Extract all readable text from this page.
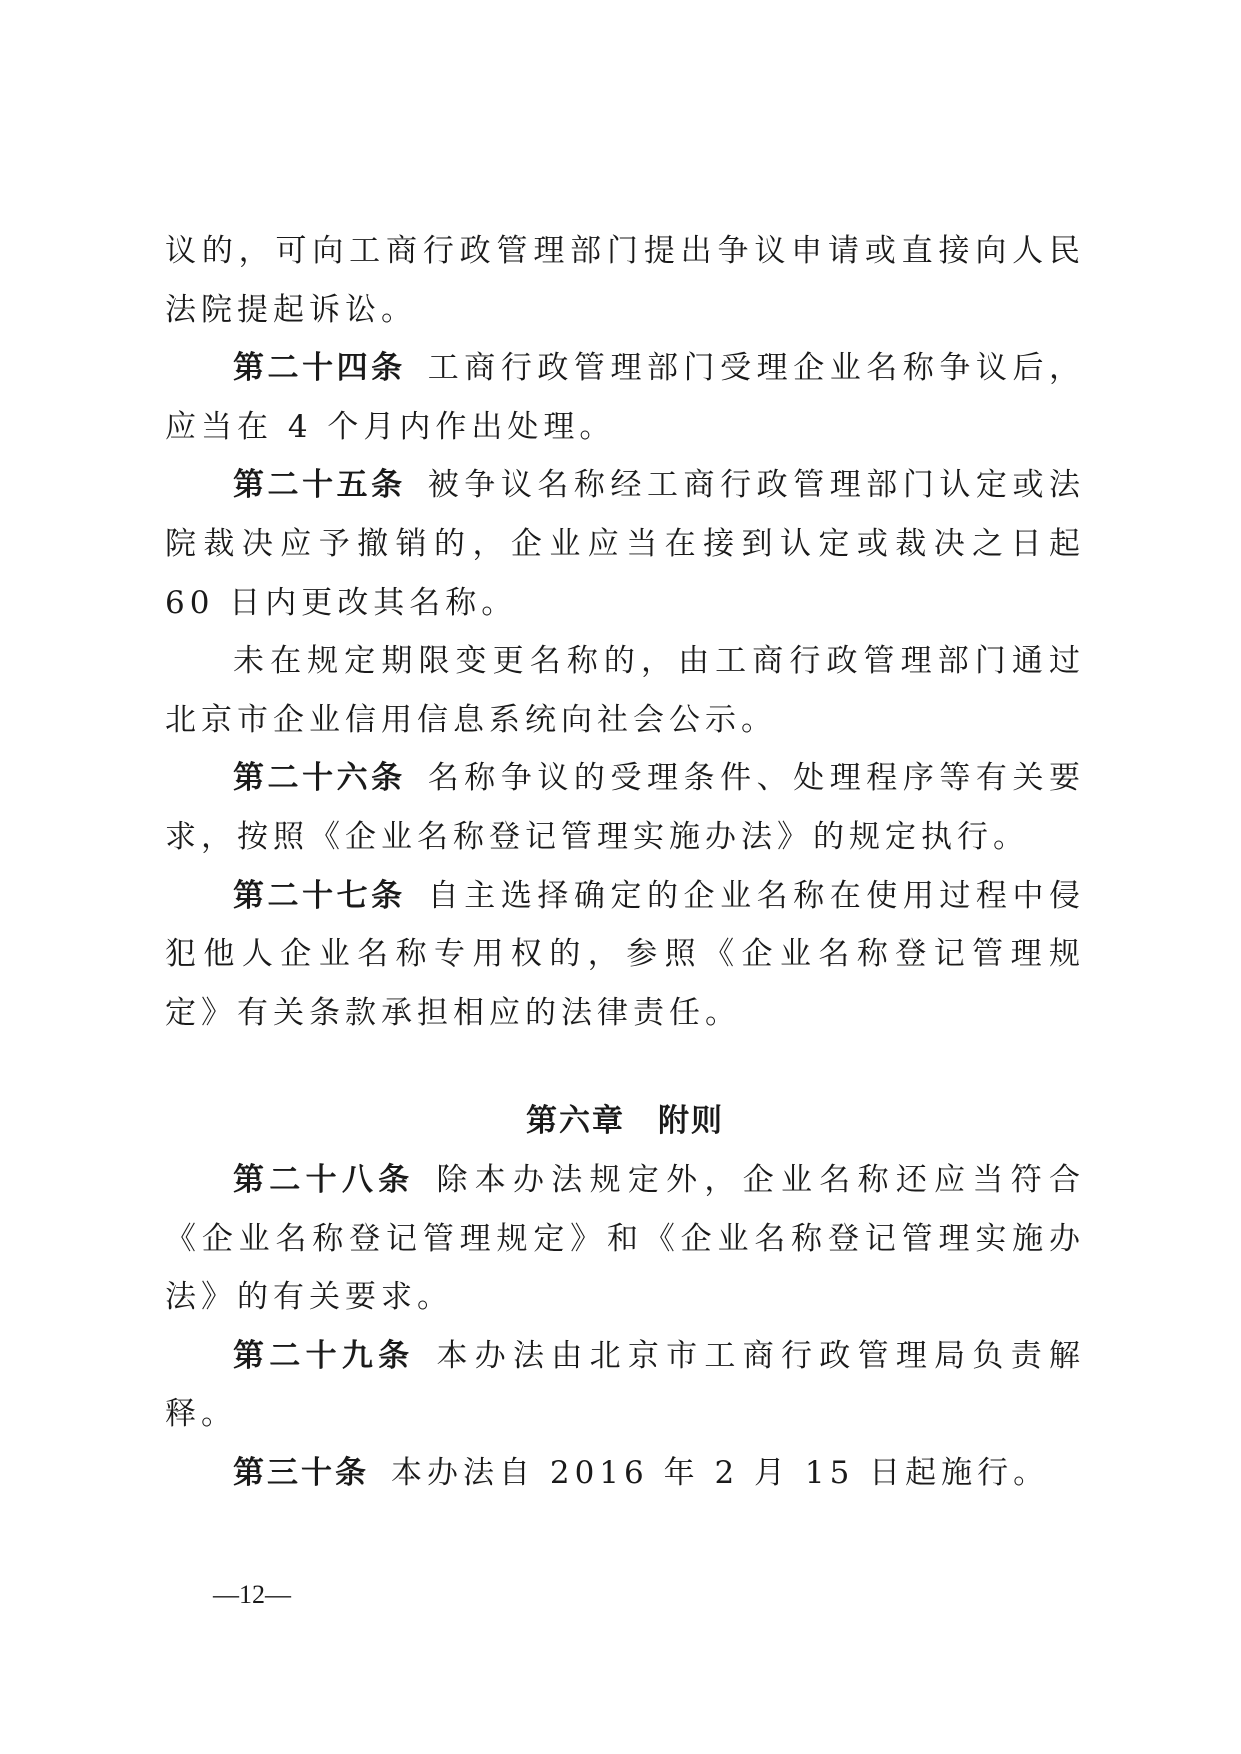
议的，可向工商行政管理部门提出争议申请或直接向人民法院提起诉讼。

第二十四条 工商行政管理部门受理企业名称争议后，应当在 4 个月内作出处理。

第二十五条 被争议名称经工商行政管理部门认定或法院裁决应予撤销的，企业应当在接到认定或裁决之日起 60 日内更改其名称。

未在规定期限变更名称的，由工商行政管理部门通过北京市企业信用信息系统向社会公示。

第二十六条 名称争议的受理条件、处理程序等有关要求，按照《企业名称登记管理实施办法》的规定执行。

第二十七条 自主选择确定的企业名称在使用过程中侵犯他人企业名称专用权的，参照《企业名称登记管理规定》有关条款承担相应的法律责任。

第六章　附则

第二十八条 除本办法规定外，企业名称还应当符合《企业名称登记管理规定》和《企业名称登记管理实施办法》的有关要求。

第二十九条 本办法由北京市工商行政管理局负责解释。

第三十条 本办法自 2016 年 2 月 15 日起施行。

—12—
